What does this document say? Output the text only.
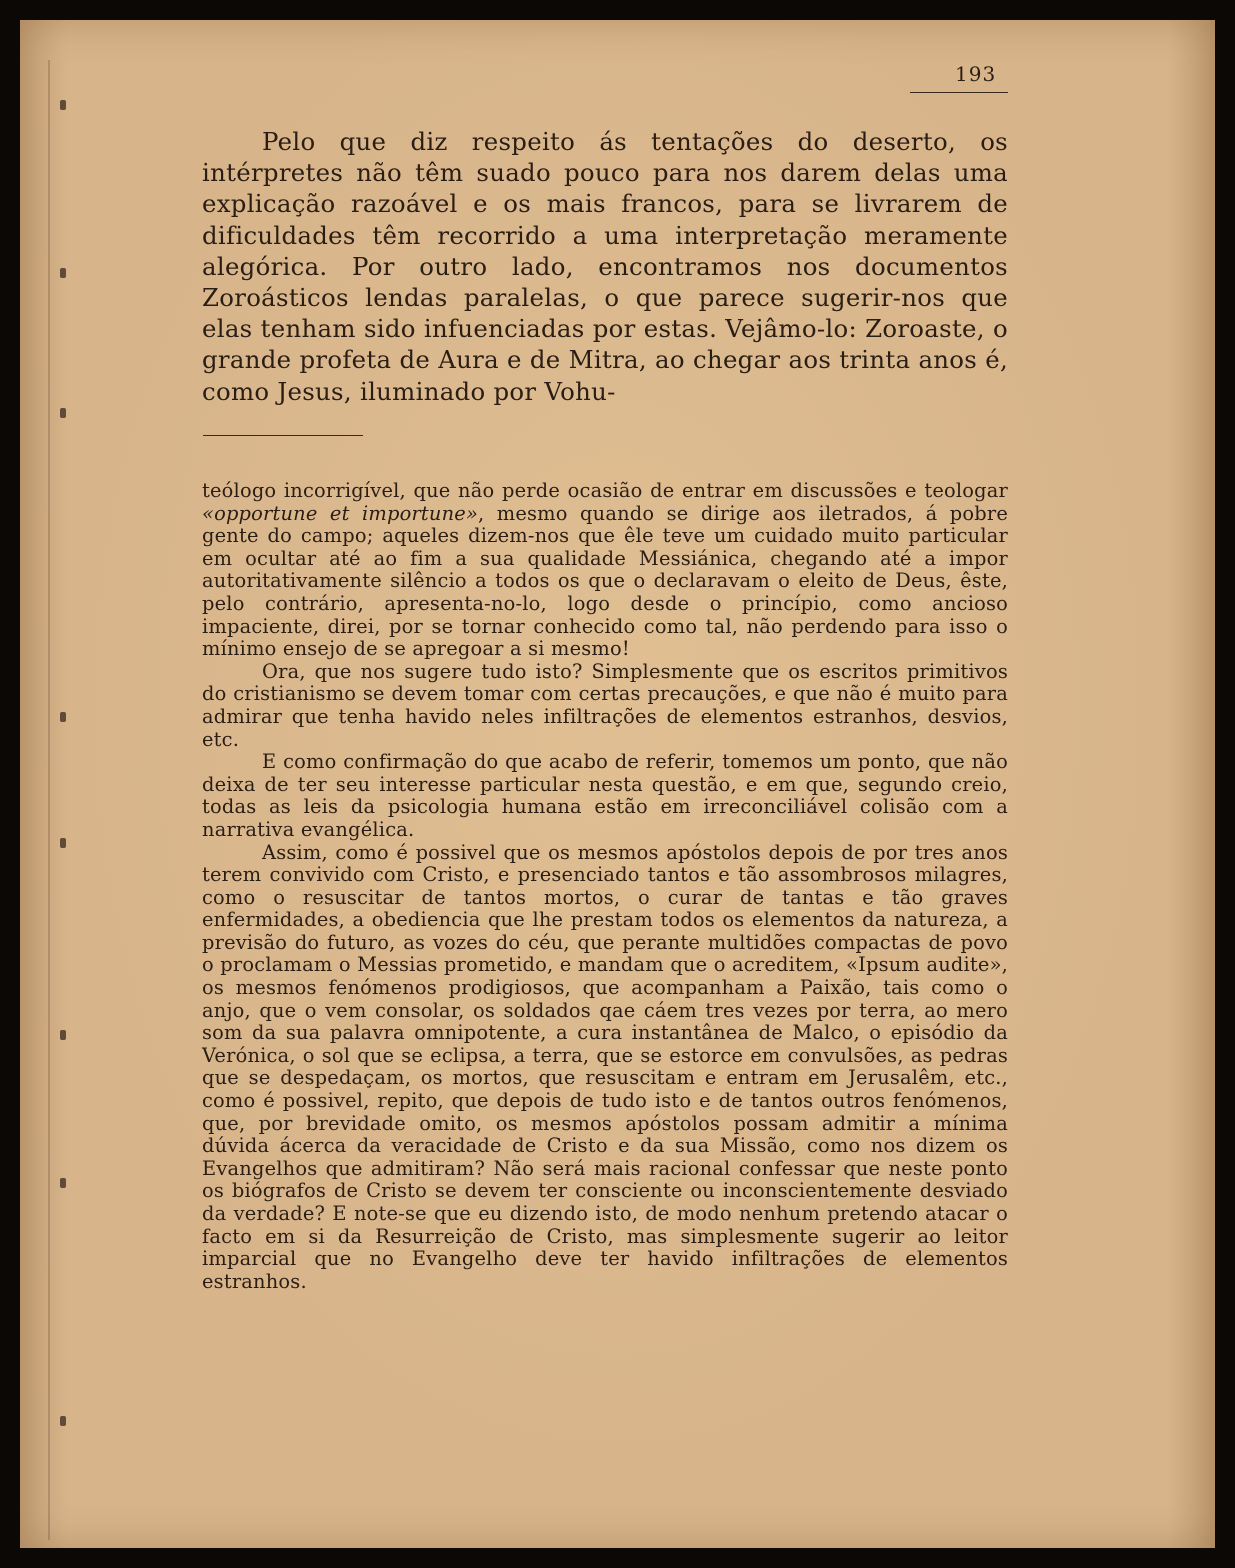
193

Pelo que diz respeito ás tentações do deserto, os intérpretes não têm suado pouco para nos darem delas uma explicação razoável e os mais francos, para se livrarem de dificuldades têm recorrido a uma interpretação meramente alegórica. Por outro lado, encontramos nos documentos Zoroásticos lendas paralelas, o que parece sugerir-nos que elas tenham sido infuenciadas por estas. Vejâmo-lo: Zoroaste, o grande profeta de Aura e de Mitra, ao chegar aos trinta anos é, como Jesus, iluminado por Vohu-

teólogo incorrigível, que não perde ocasião de entrar em discussões e teologar «opportune et importune», mesmo quando se dirige aos iletrados, á pobre gente do campo; aqueles dizem-nos que êle teve um cuidado muito particular em ocultar até ao fim a sua qualidade Messiánica, chegando até a impor autoritativamente silêncio a todos os que o declaravam o eleito de Deus, êste, pelo contrário, apresenta-no-lo, logo desde o princípio, como ancioso impaciente, direi, por se tornar conhecido como tal, não perdendo para isso o mínimo ensejo de se apregoar a si mesmo!

Ora, que nos sugere tudo isto? Simplesmente que os escritos primitivos do cristianismo se devem tomar com certas precauções, e que não é muito para admirar que tenha havido neles infiltrações de elementos estranhos, desvios, etc.

E como confirmação do que acabo de referir, tomemos um ponto, que não deixa de ter seu interesse particular nesta questão, e em que, segundo creio, todas as leis da psicologia humana estão em irreconciliável colisão com a narrativa evangélica.

Assim, como é possivel que os mesmos apóstolos depois de por tres anos terem convivido com Cristo, e presenciado tantos e tão assombrosos milagres, como o resuscitar de tantos mortos, o curar de tantas e tão graves enfermidades, a obediencia que lhe prestam todos os elementos da natureza, a previsão do futuro, as vozes do céu, que perante multidões compactas de povo o proclamam o Messias prometido, e mandam que o acreditem, «Ipsum audite», os mesmos fenómenos prodigiosos, que acompanham a Paixão, tais como o anjo, que o vem consolar, os soldados qae cáem tres vezes por terra, ao mero som da sua palavra omnipotente, a cura instantânea de Malco, o episódio da Verónica, o sol que se eclipsa, a terra, que se estorce em convulsões, as pedras que se despedaçam, os mortos, que resuscitam e entram em Jerusalêm, etc., como é possivel, repito, que depois de tudo isto e de tantos outros fenómenos, que, por brevidade omito, os mesmos apóstolos possam admitir a mínima dúvida ácerca da veracidade de Cristo e da sua Missão, como nos dizem os Evangelhos que admitiram? Não será mais racional confessar que neste ponto os biógrafos de Cristo se devem ter consciente ou inconscientemente desviado da verdade? E note-se que eu dizendo isto, de modo nenhum pretendo atacar o facto em si da Resurreição de Cristo, mas simplesmente sugerir ao leitor imparcial que no Evangelho deve ter havido infiltrações de elementos estranhos.
